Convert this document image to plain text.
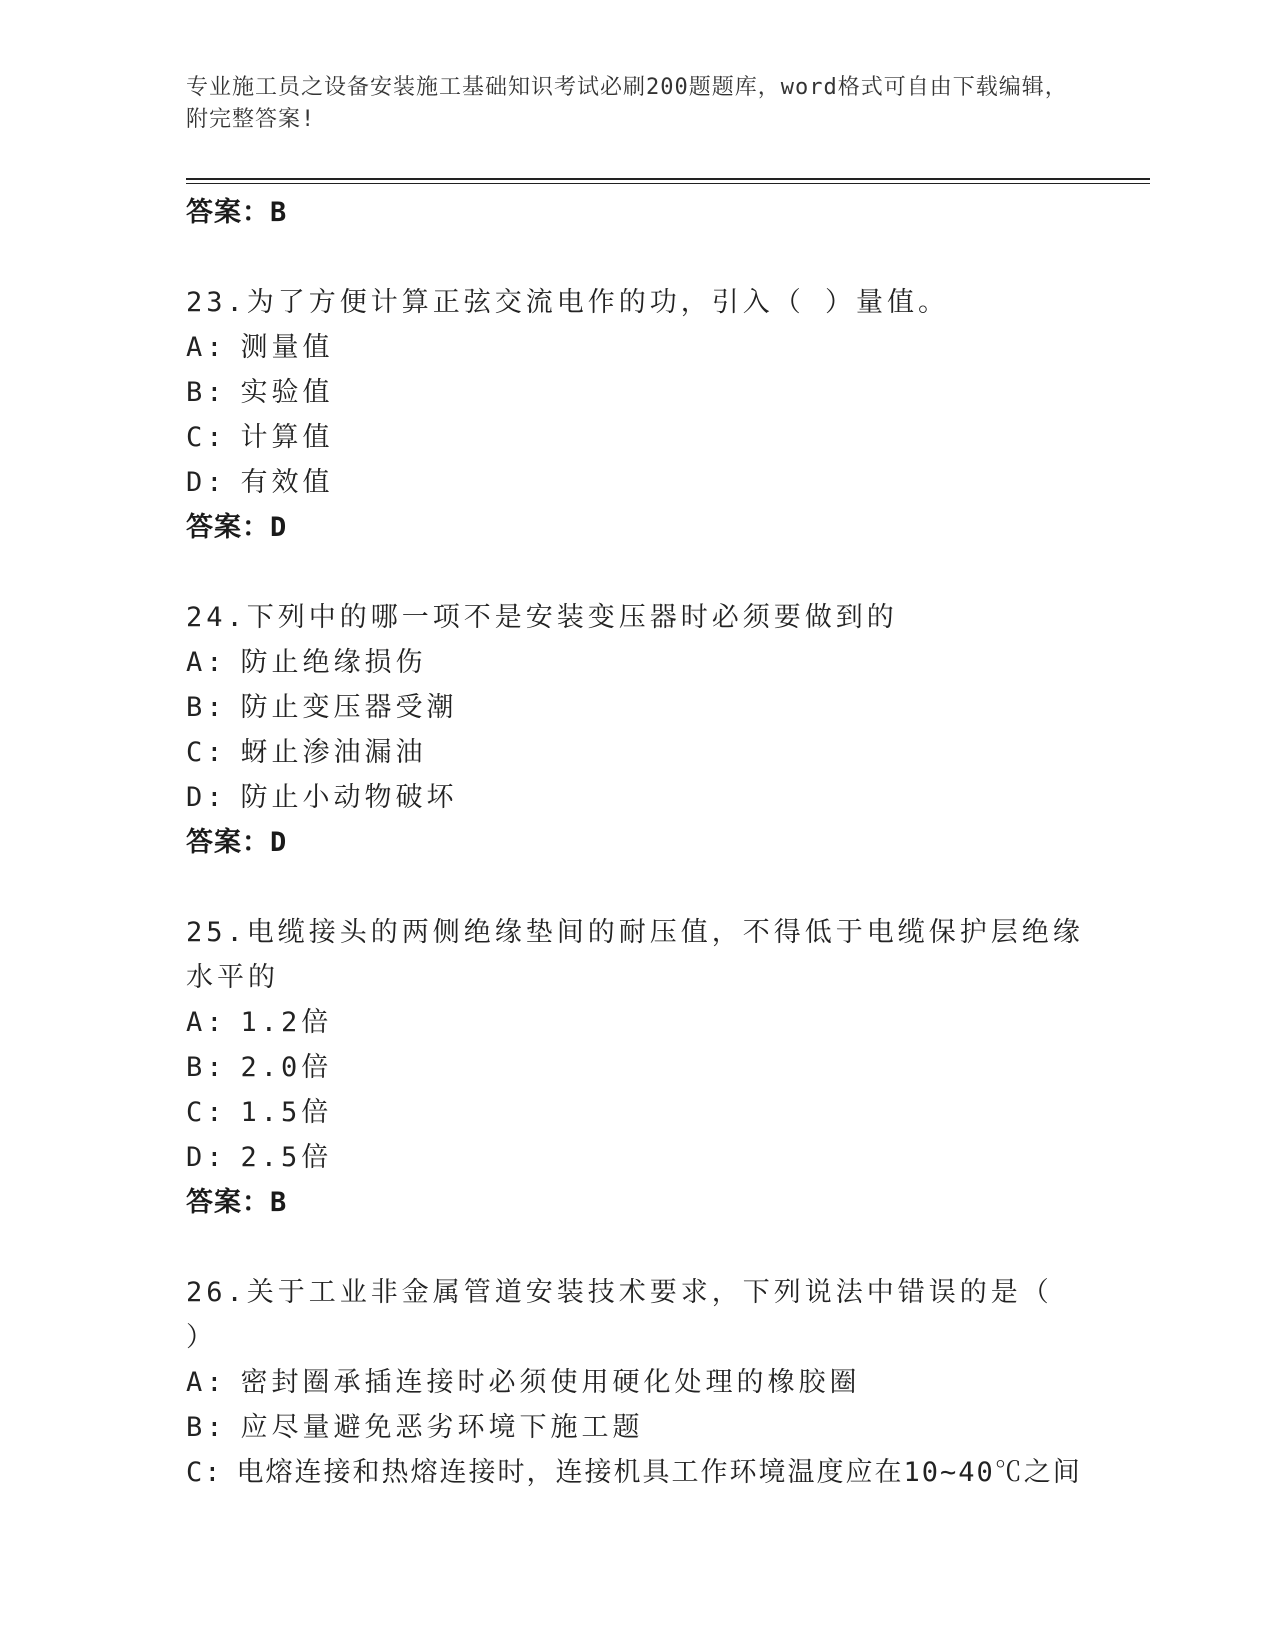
专业施工员之设备安装施工基础知识考试必刷200题题库，word格式可自由下载编辑，附完整答案!
答案：B
23.为了方便计算正弦交流电作的功，引入（ ）量值。
A: 测量值
B: 实验值
C: 计算值
D: 有效值
答案：D
24.下列中的哪一项不是安装变压器时必须要做到的
A: 防止绝缘损伤
B: 防止变压器受潮
C: 蚜止渗油漏油
D: 防止小动物破坏
答案：D
25.电缆接头的两侧绝缘垫间的耐压值，不得低于电缆保护层绝缘水平的
A: 1.2倍
B: 2.0倍
C: 1.5倍
D: 2.5倍
答案：B
26.关于工业非金属管道安装技术要求，下列说法中错误的是（ ）
A: 密封圈承插连接时必须使用硬化处理的橡胶圈
B: 应尽量避免恶劣环境下施工题
C: 电熔连接和热熔连接时，连接机具工作环境温度应在10~40℃之间
